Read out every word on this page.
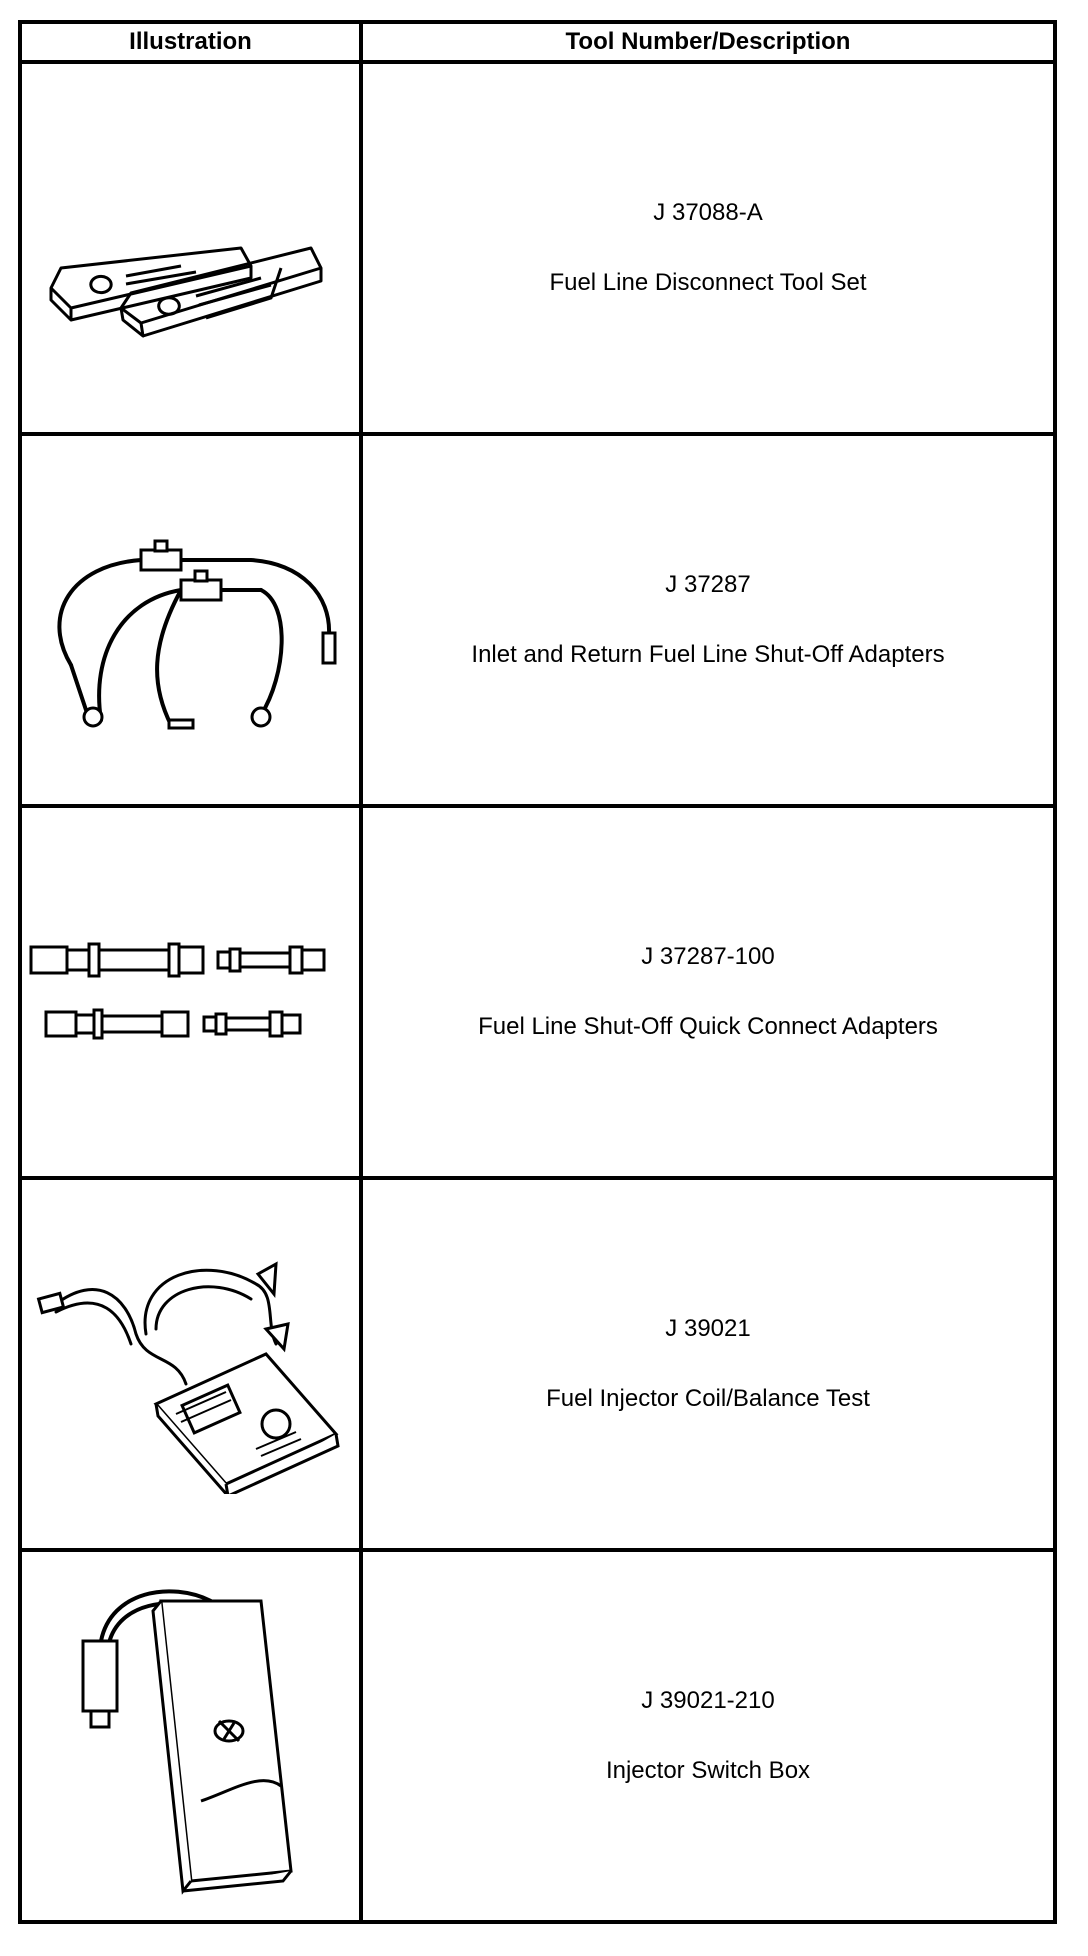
Illustration	Tool Number/Description

J 37088-A
Fuel Line Disconnect Tool Set

J 37287
Inlet and Return Fuel Line Shut-Off Adapters

J 37287-100
Fuel Line Shut-Off Quick Connect Adapters

J 39021
Fuel Injector Coil/Balance Test

J 39021-210
Injector Switch Box
